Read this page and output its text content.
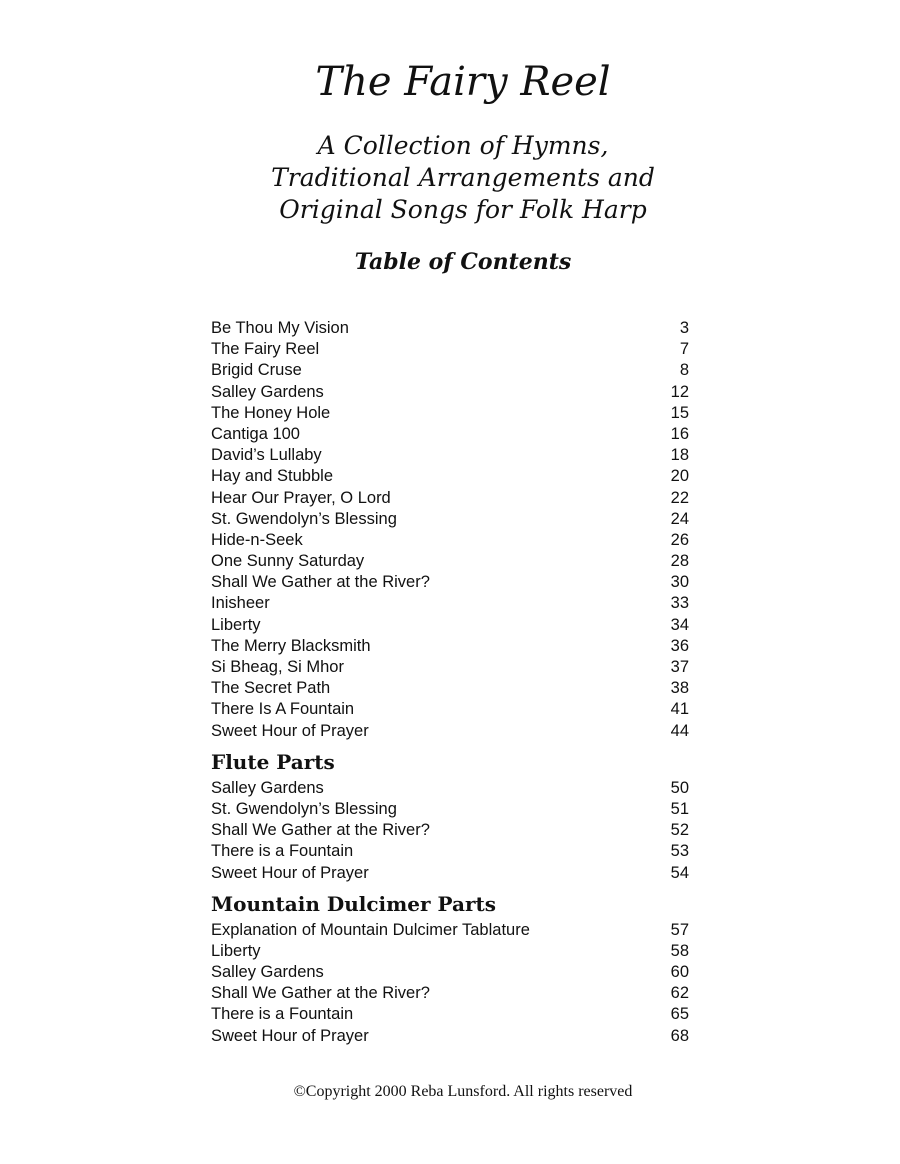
The Fairy Reel
A Collection of Hymns,
Traditional Arrangements and
Original Songs for Folk Harp
Table of Contents
Be Thou My Vision	3
The Fairy Reel	7
Brigid Cruse	8
Salley Gardens	12
The Honey Hole	15
Cantiga 100	16
David’s Lullaby	18
Hay and Stubble	20
Hear Our Prayer, O Lord	22
St. Gwendolyn’s Blessing	24
Hide-n-Seek	26
One Sunny Saturday	28
Shall We Gather at the River?	30
Inisheer	33
Liberty	34
The Merry Blacksmith	36
Si Bheag, Si Mhor	37
The Secret Path	38
There Is A Fountain	41
Sweet Hour of Prayer	44
Flute Parts
Salley Gardens	50
St. Gwendolyn’s Blessing	51
Shall We Gather at the River?	52
There is a Fountain	53
Sweet Hour of Prayer	54
Mountain Dulcimer Parts
Explanation of Mountain Dulcimer Tablature	57
Liberty	58
Salley Gardens	60
Shall We Gather at the River?	62
There is a Fountain	65
Sweet Hour of Prayer	68
©Copyright 2000 Reba Lunsford. All rights reserved
